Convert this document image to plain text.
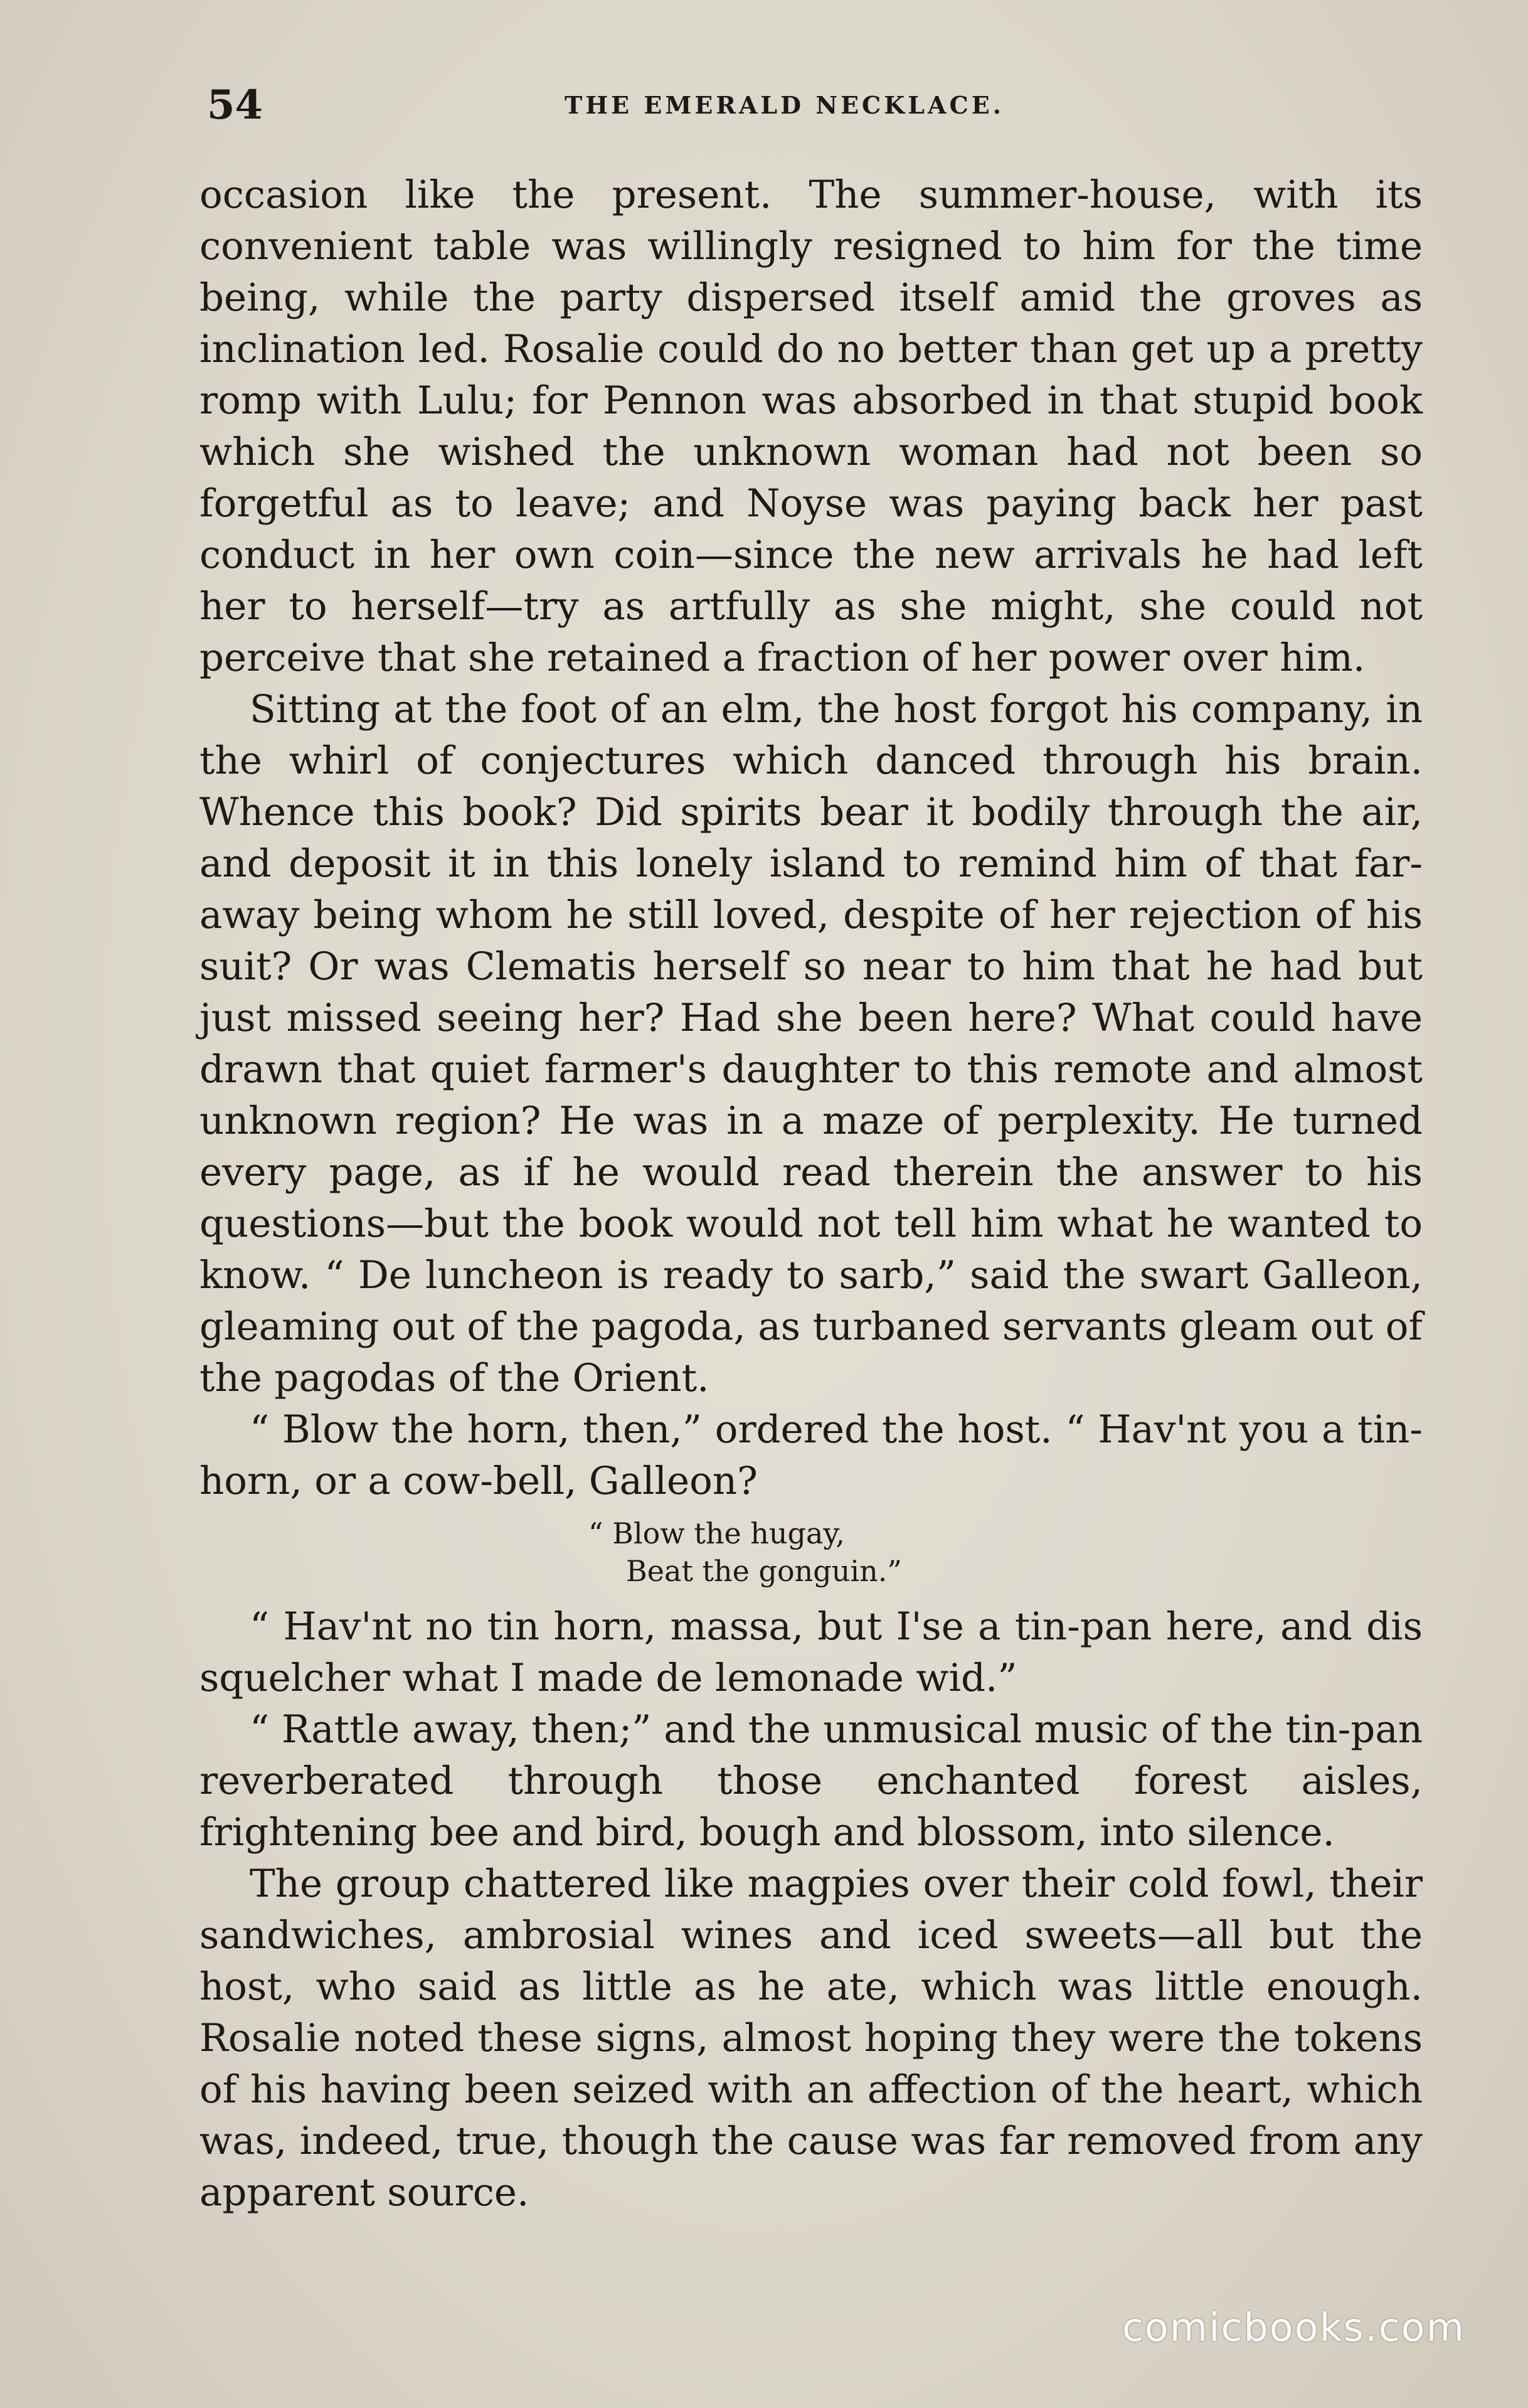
54	THE EMERALD NECKLACE.

occasion like the present. The summer-house, with its convenient table was willingly resigned to him for the time being, while the party dispersed itself amid the groves as inclination led. Rosalie could do no better than get up a pretty romp with Lulu; for Pennon was absorbed in that stupid book which she wished the unknown woman had not been so forgetful as to leave; and Noyse was paying back her past conduct in her own coin—since the new arrivals he had left her to herself—try as artfully as she might, she could not perceive that she retained a fraction of her power over him.

Sitting at the foot of an elm, the host forgot his company, in the whirl of conjectures which danced through his brain. Whence this book? Did spirits bear it bodily through the air, and deposit it in this lonely island to remind him of that far-away being whom he still loved, despite of her rejection of his suit? Or was Clematis herself so near to him that he had but just missed seeing her? Had she been here? What could have drawn that quiet farmer's daughter to this remote and almost unknown region? He was in a maze of perplexity. He turned every page, as if he would read therein the answer to his questions—but the book would not tell him what he wanted to know. “ De luncheon is ready to sarb,” said the swart Galleon, gleaming out of the pagoda, as turbaned servants gleam out of the pagodas of the Orient.

“ Blow the horn, then,” ordered the host. “ Hav'nt you a tin-horn, or a cow-bell, Galleon?

“ Blow the hugay,
Beat the gonguin.”

“ Hav'nt no tin horn, massa, but I'se a tin-pan here, and dis squelcher what I made de lemonade wid.”

“ Rattle away, then;” and the unmusical music of the tin-pan reverberated through those enchanted forest aisles, frightening bee and bird, bough and blossom, into silence.

The group chattered like magpies over their cold fowl, their sandwiches, ambrosial wines and iced sweets—all but the host, who said as little as he ate, which was little enough. Rosalie noted these signs, almost hoping they were the tokens of his having been seized with an affection of the heart, which was, indeed, true, though the cause was far removed from any apparent source.

comicbooks.com
